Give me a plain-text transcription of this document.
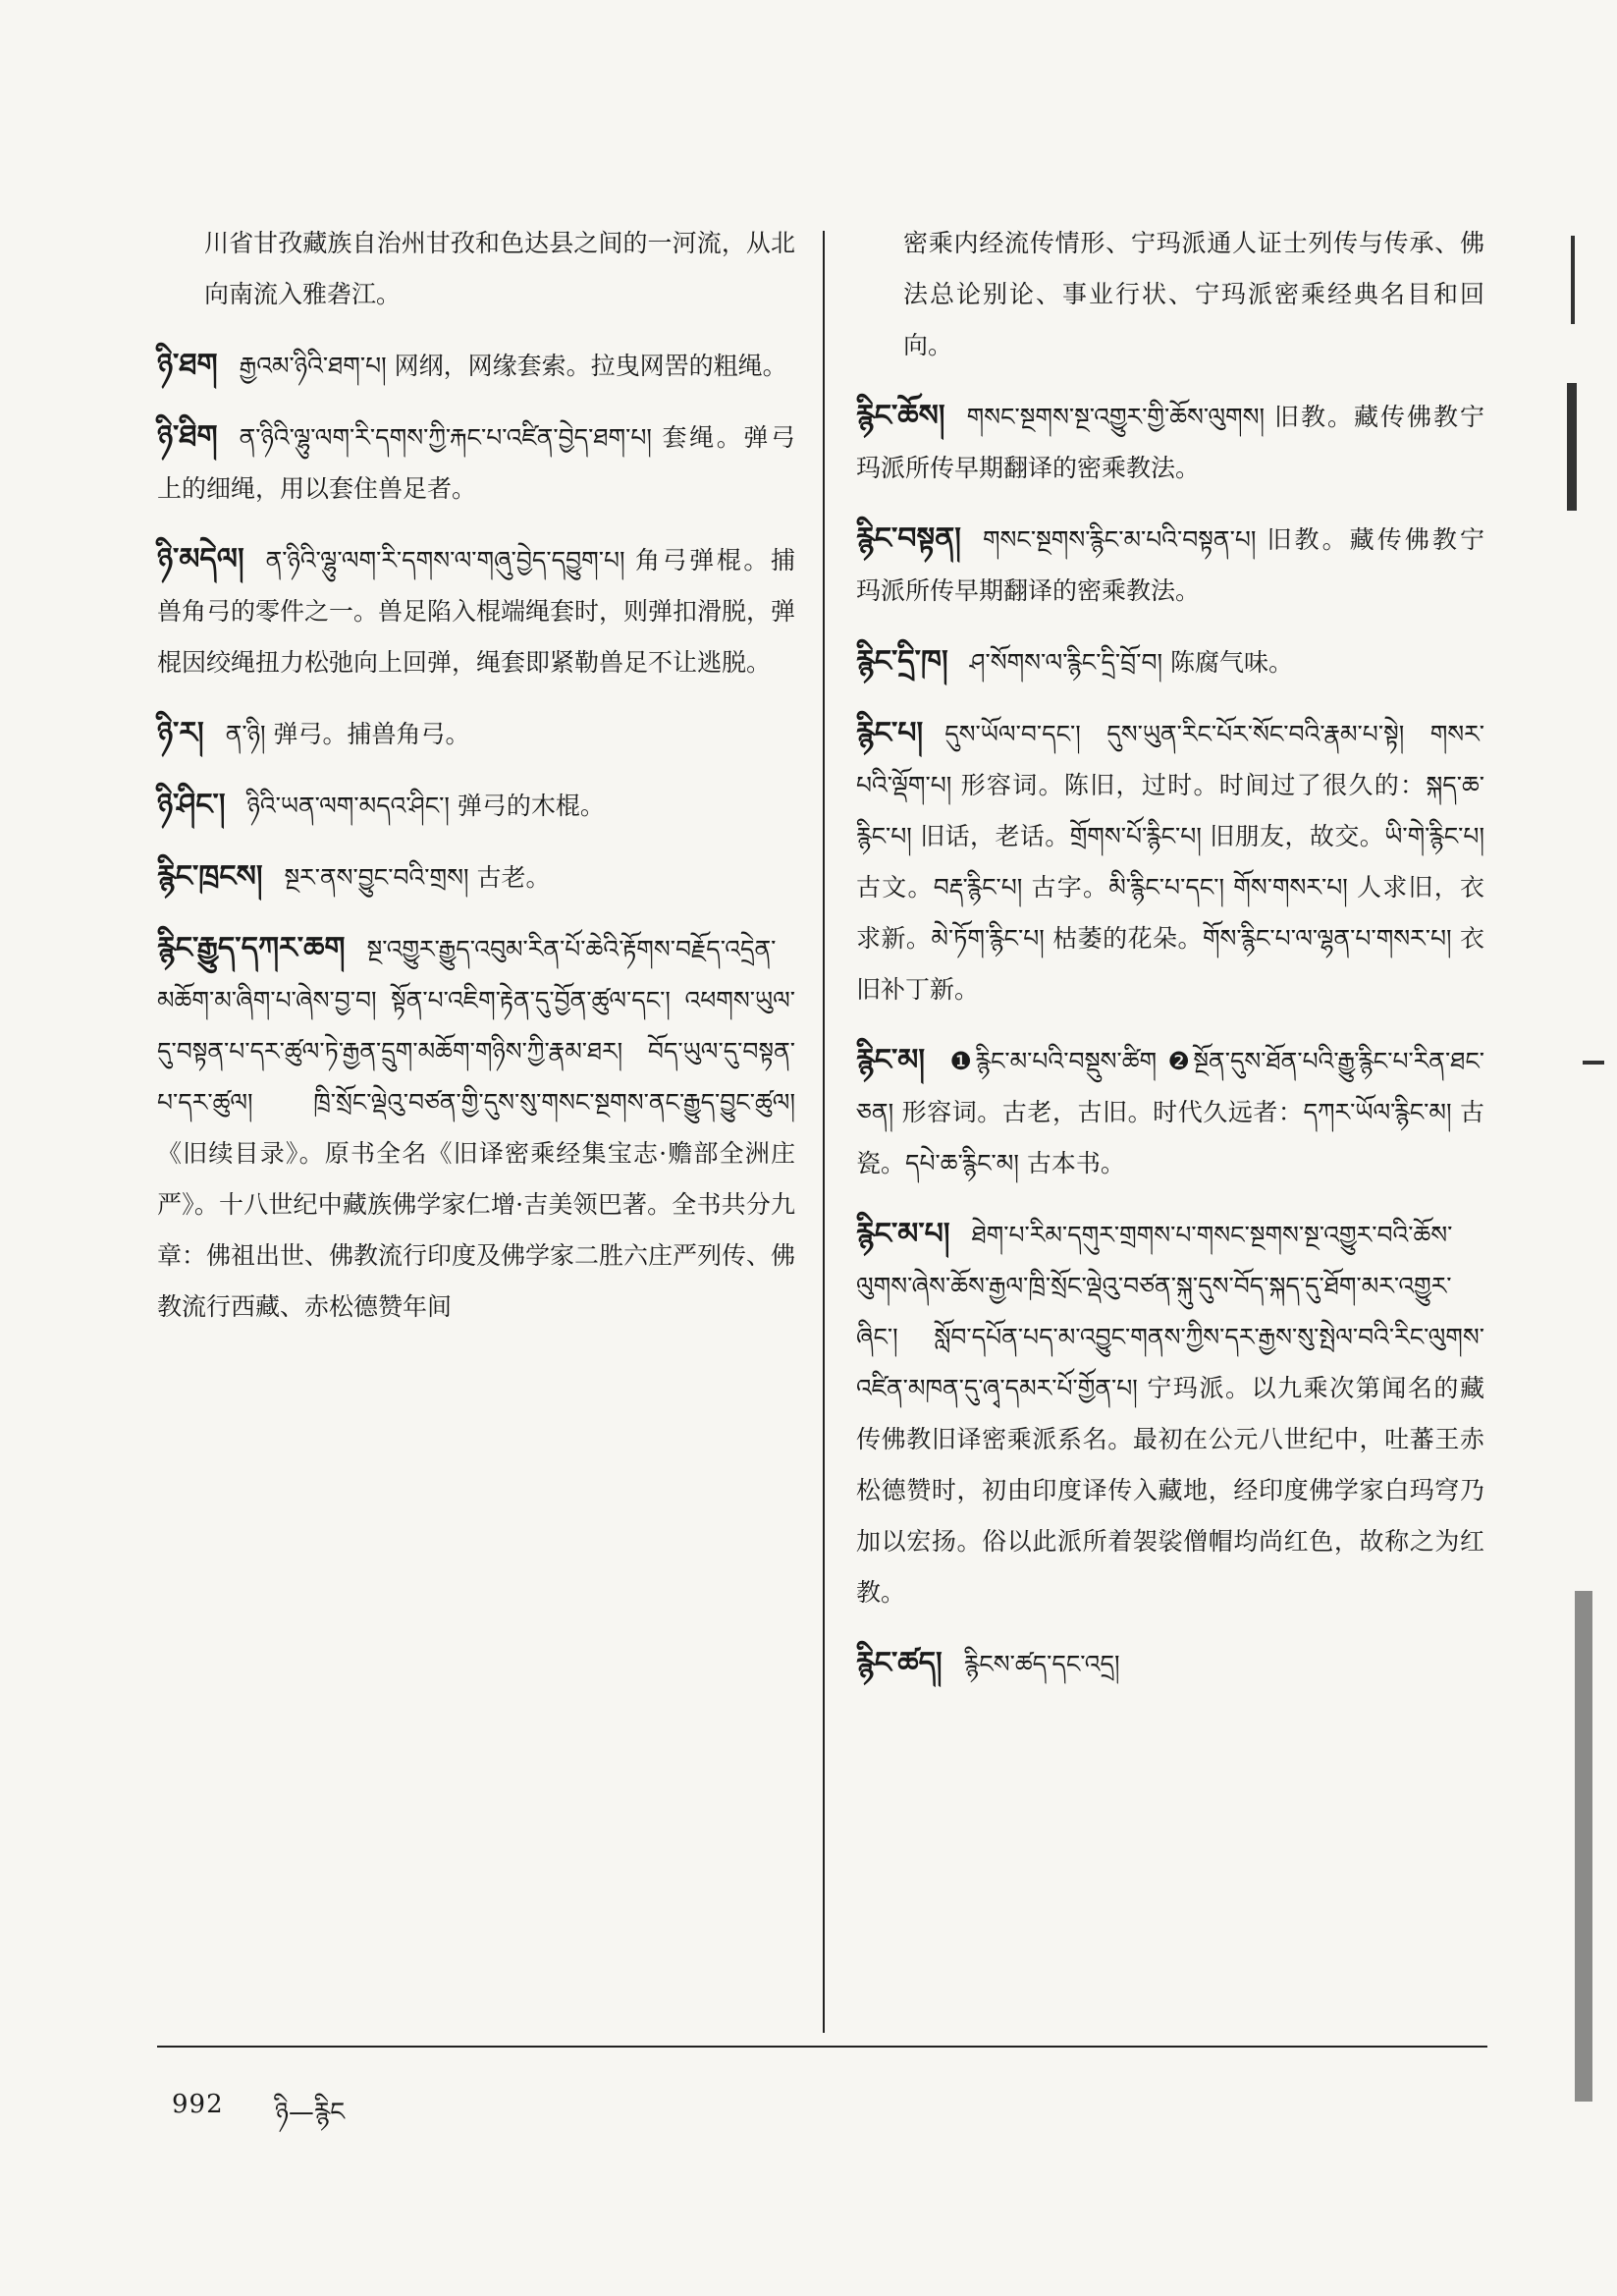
川省甘孜藏族自治州甘孜和色达县之间的一河流，从北向南流入雅砻江。
ཉི་ཐག རྒྱའམ་ཉིའི་ཐག་པ། 网纲，网缘套索。拉曳网罟的粗绳。
ཉི་ཐིག ན་ཉིའི་ལྷུ་ལག་རི་དགས་ཀྱི་རྐང་པ་འཛིན་བྱེད་ཐག་པ། 套绳。弹弓上的细绳，用以套住兽足者。
ཉི་མདེལ། ན་ཉིའི་ལྷུ་ལག་རི་དགས་ལ་གཞུ་བྱེད་དབྱུག་པ། 角弓弹棍。捕兽角弓的零件之一。兽足陷入棍端绳套时，则弹扣滑脱，弹棍因绞绳扭力松弛向上回弹，绳套即紧勒兽足不让逃脱。
ཉི་ར། ན་ཉི། 弹弓。捕兽角弓。
ཉི་ཤིང་། ཉིའི་ཡན་ལག་མདའ་ཤིང་། 弹弓的木棍。
རྙིང་ཁྲངས། སྔར་ནས་བྱུང་བའི་གྲས། 古老。
རྙིང་རྒྱུད་དཀར་ཆག སྔ་འགྱུར་རྒྱུད་འབུམ་རིན་པོ་ཆེའི་རྟོགས་བརྗོད་འདྲེན་མཆོག་མ་ཞིག་པ་ཞེས་བྱ་བ། སྟོན་པ་འཇིག་རྟེན་དུ་བྱོན་ཚུལ་དང་། འཕགས་ཡུལ་དུ་བསྟན་པ་དར་ཚུལ་ཏེ་རྒྱན་དྲུག་མཆོག་གཉིས་ཀྱི་རྣམ་ཐར། བོད་ཡུལ་དུ་བསྟན་པ་དར་ཚུལ། ཁྲི་སྲོང་ལྡེའུ་བཙན་གྱི་དུས་སུ་གསང་སྔགས་ནང་རྒྱུད་བྱུང་ཚུལ། 《旧续目录》。原书全名《旧译密乘经集宝志·赡部全洲庄严》。十八世纪中藏族佛学家仁增·吉美领巴著。全书共分九章：佛祖出世、佛教流行印度及佛学家二胜六庄严列传、佛教流行西藏、赤松德赞年间
密乘内经流传情形、宁玛派通人证士列传与传承、佛法总论别论、事业行状、宁玛派密乘经典名目和回向。
རྙིང་ཆོས། གསང་སྔགས་སྔ་འགྱུར་གྱི་ཆོས་ལུགས། 旧教。藏传佛教宁玛派所传早期翻译的密乘教法。
རྙིང་བསྟན། གསང་སྔགས་རྙིང་མ་པའི་བསྟན་པ། 旧教。藏传佛教宁玛派所传早期翻译的密乘教法。
རྙིང་དྲི་ཁ། ཤ་སོགས་ལ་རྙིང་དྲི་བྲོ་བ། 陈腐气味。
རྙིང་པ། དུས་ཡོལ་བ་དང་། དུས་ཡུན་རིང་པོར་སོང་བའི་རྣམ་པ་སྟེ། གསར་པའི་ལྡོག་པ། 形容词。陈旧，过时。时间过了很久的：སྐད་ཆ་རྙིང་པ། 旧话，老话。གྲོགས་པོ་རྙིང་པ། 旧朋友，故交。ཡི་གེ་རྙིང་པ། 古文。བརྡ་རྙིང་པ། 古字。མི་རྙིང་པ་དང་། གོས་གསར་པ། 人求旧，衣求新。མེ་ཏོག་རྙིང་པ། 枯萎的花朵。གོས་རྙིང་པ་ལ་ལྷན་པ་གསར་པ། 衣旧补丁新。
རྙིང་མ། ❶རྙིང་མ་པའི་བསྡུས་ཚིག ❷སྔོན་དུས་ཐོན་པའི་རྒྱུ་རྙིང་པ་རིན་ཐང་ཅན། 形容词。古老，古旧。时代久远者：དཀར་ཡོལ་རྙིང་མ། 古瓷。དཔེ་ཆ་རྙིང་མ། 古本书。
རྙིང་མ་པ། ཐེག་པ་རིམ་དགུར་གྲགས་པ་གསང་སྔགས་སྔ་འགྱུར་བའི་ཆོས་ལུགས་ཞེས་ཆོས་རྒྱལ་ཁྲི་སྲོང་ལྡེའུ་བཙན་སྐུ་དུས་བོད་སྐད་དུ་ཐོག་མར་འགྱུར་ཞིང་། སློབ་དཔོན་པད་མ་འབྱུང་གནས་ཀྱིས་དར་རྒྱས་སུ་སྤེལ་བའི་རིང་ལུགས་འཛིན་མཁན་དུ་ཞྭ་དམར་པོ་གྱོན་པ། 宁玛派。以九乘次第闻名的藏传佛教旧译密乘派系名。最初在公元八世纪中，吐蕃王赤松德赞时，初由印度译传入藏地，经印度佛学家白玛穹乃加以宏扬。俗以此派所着袈裟僧帽均尚红色，故称之为红教。
རྙིང་ཚད། རྙིངས་ཚད་དང་འདྲ།
992 ཉི—རྙིང
